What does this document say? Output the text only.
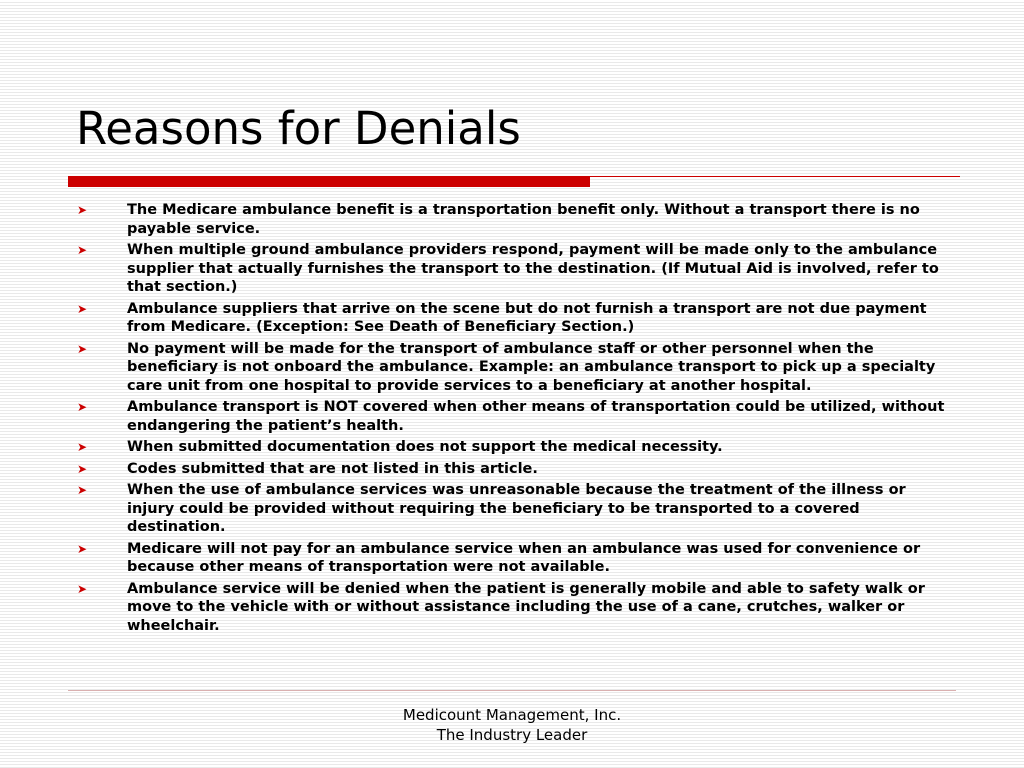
Reasons for Denials
➤	The Medicare ambulance benefit is a transportation benefit only. Without a transport there is no payable service.
➤	When multiple ground ambulance providers respond, payment will be made only to the ambulance supplier that actually furnishes the transport to the destination. (If Mutual Aid is involved, refer to that section.)
➤	Ambulance suppliers that arrive on the scene but do not furnish a transport are not due payment from Medicare. (Exception: See Death of Beneficiary Section.)
➤	No payment will be made for the transport of ambulance staff or other personnel when the beneficiary is not onboard the ambulance. Example: an ambulance transport to pick up a specialty care unit from one hospital to provide services to a beneficiary at another hospital.
➤	Ambulance transport is NOT covered when other means of transportation could be utilized, without endangering the patient’s health.
➤	When submitted documentation does not support the medical necessity.
➤	Codes submitted that are not listed in this article.
➤	When the use of ambulance services was unreasonable because the treatment of the illness or injury could be provided without requiring the beneficiary to be transported to a covered destination.
➤	Medicare will not pay for an ambulance service when an ambulance was used for convenience or because other means of transportation were not available.
➤	Ambulance service will be denied when the patient is generally mobile and able to safety walk or move to the vehicle with or without assistance including the use of a cane, crutches, walker or wheelchair.
Medicount Management, Inc.
The Industry Leader
